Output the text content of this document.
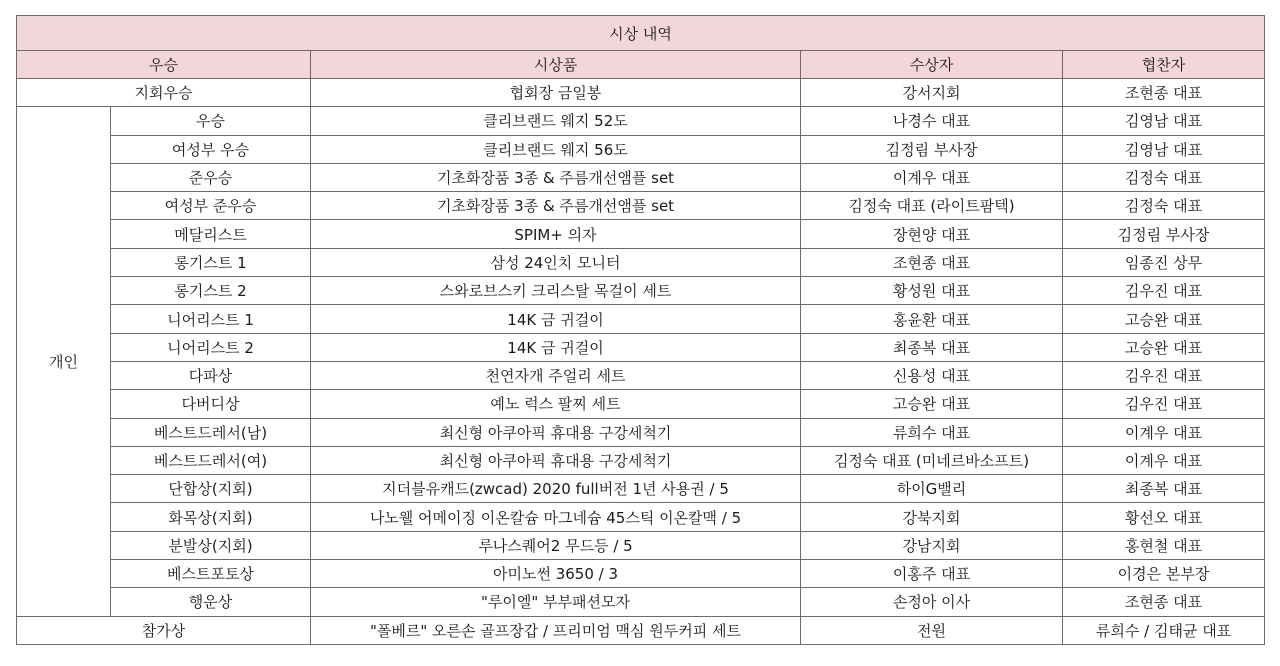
시상 내역				
우승		시상품	수상자	협찬자
지회우승		협회장 금일봉	강서지회	조현종 대표
개인	우승	클리브랜드 웨지 52도	나경수 대표	김영남 대표
	여성부 우승	클리브랜드 웨지 56도	김정림 부사장	김영남 대표
	준우승	기초화장품 3종 & 주름개선앰플 set	이계우 대표	김정숙 대표
	여성부 준우승	기초화장품 3종 & 주름개선앰플 set	김정숙 대표 (라이트팜텍)	김정숙 대표
	메달리스트	SPIM+ 의자	장현양 대표	김정림 부사장
	롱기스트 1	삼성 24인치 모니터	조현종 대표	임종진 상무
	롱기스트 2	스와로브스키 크리스탈 목걸이 세트	황성원 대표	김우진 대표
	니어리스트 1	14K 금 귀걸이	홍윤환 대표	고승완 대표
	니어리스트 2	14K 금 귀걸이	최종복 대표	고승완 대표
	다파상	천연자개 주얼리 세트	신용성 대표	김우진 대표
	다버디상	예노 럭스 팔찌 세트	고승완 대표	김우진 대표
	베스트드레서(남)	최신형 아쿠아픽 휴대용 구강세척기	류희수 대표	이계우 대표
	베스트드레서(여)	최신형 아쿠아픽 휴대용 구강세척기	김정숙 대표 (미네르바소프트)	이계우 대표
	단합상(지회)	지더블유캐드(zwcad) 2020 full버전 1년 사용권 / 5	하이G밸리	최종복 대표
	화목상(지회)	나노웰 어메이징 이온칼슘 마그네슘 45스틱 이온칼맥 / 5	강북지회	황선오 대표
	분발상(지회)	루나스퀘어2 무드등 / 5	강남지회	홍현철 대표
	베스트포토상	아미노썬 3650 / 3	이홍주 대표	이경은 본부장
	행운상	"루이엘" 부부패션모자	손정아 이사	조현종 대표
참가상		"폴베르" 오른손 골프장갑 / 프리미엄 맥심 원두커피 세트	전원	류희수 / 김태균 대표
